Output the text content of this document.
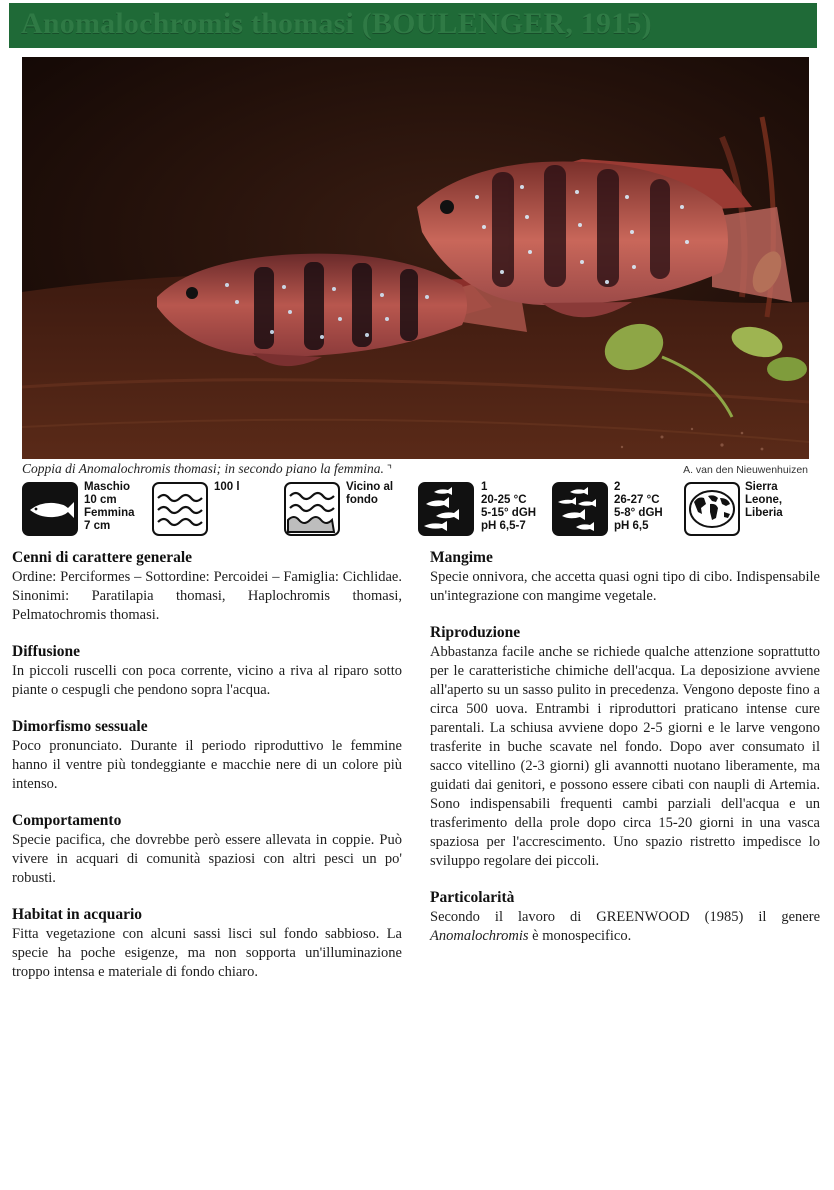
Anomalochromis thomasi (BOULENGER, 1915)
Coppia di Anomalochromis thomasi; in secondo piano la femmina. ⌝	A. van den Nieuwenhuizen
Maschio
10 cm
Femmina
7 cm
100 l	Vicino al
fondo
1
20-25 °C
5-15° dGH
pH 6,5-7
2
26-27 °C
5-8° dGH
pH 6,5
Sierra
Leone,
Liberia
Cenni di carattere generale

Ordine: Perciformes – Sottordine: Percoidei – Famiglia: Cichlidae. Sinonimi: Paratilapia thomasi, Haplochromis thomasi, Pelmatochromis thomasi.

Diffusione

In piccoli ruscelli con poca corrente, vicino a riva al riparo sotto piante o cespugli che pendono sopra l'acqua.

Dimorfismo sessuale

Poco pronunciato. Durante il periodo riproduttivo le femmine hanno il ventre più tondeggiante e macchie nere di un colore più intenso.

Comportamento

Specie pacifica, che dovrebbe però essere allevata in coppie. Può vivere in acquari di comunità spaziosi con altri pesci un po' robusti.

Habitat in acquario

Fitta vegetazione con alcuni sassi lisci sul fondo sabbioso. La specie ha poche esigenze, ma non sopporta un'illuminazione troppo intensa e materiale di fondo chiaro.

Mangime

Specie onnivora, che accetta quasi ogni tipo di cibo. Indispensabile un'integrazione con mangime vegetale.

Riproduzione

Abbastanza facile anche se richiede qualche attenzione soprattutto per le caratteristiche chimiche dell'acqua. La deposizione avviene all'aperto su un sasso pulito in precedenza. Vengono deposte fino a circa 500 uova. Entrambi i riproduttori praticano intense cure parentali. La schiusa avviene dopo 2-5 giorni e le larve vengono trasferite in buche scavate nel fondo. Dopo aver consumato il sacco vitellino (2-3 giorni) gli avannotti nuotano liberamente, ma guidati dai genitori, e possono essere cibati con naupli di Artemia. Sono indispensabili frequenti cambi parziali dell'acqua e un trasferimento della prole dopo circa 15-20 giorni in una vasca spaziosa per l'accrescimento. Uno spazio ristretto impedisce lo sviluppo regolare dei piccoli.

Particolarità

Secondo il lavoro di GREENWOOD (1985) il genere Anomalochromis è monospecifico.
